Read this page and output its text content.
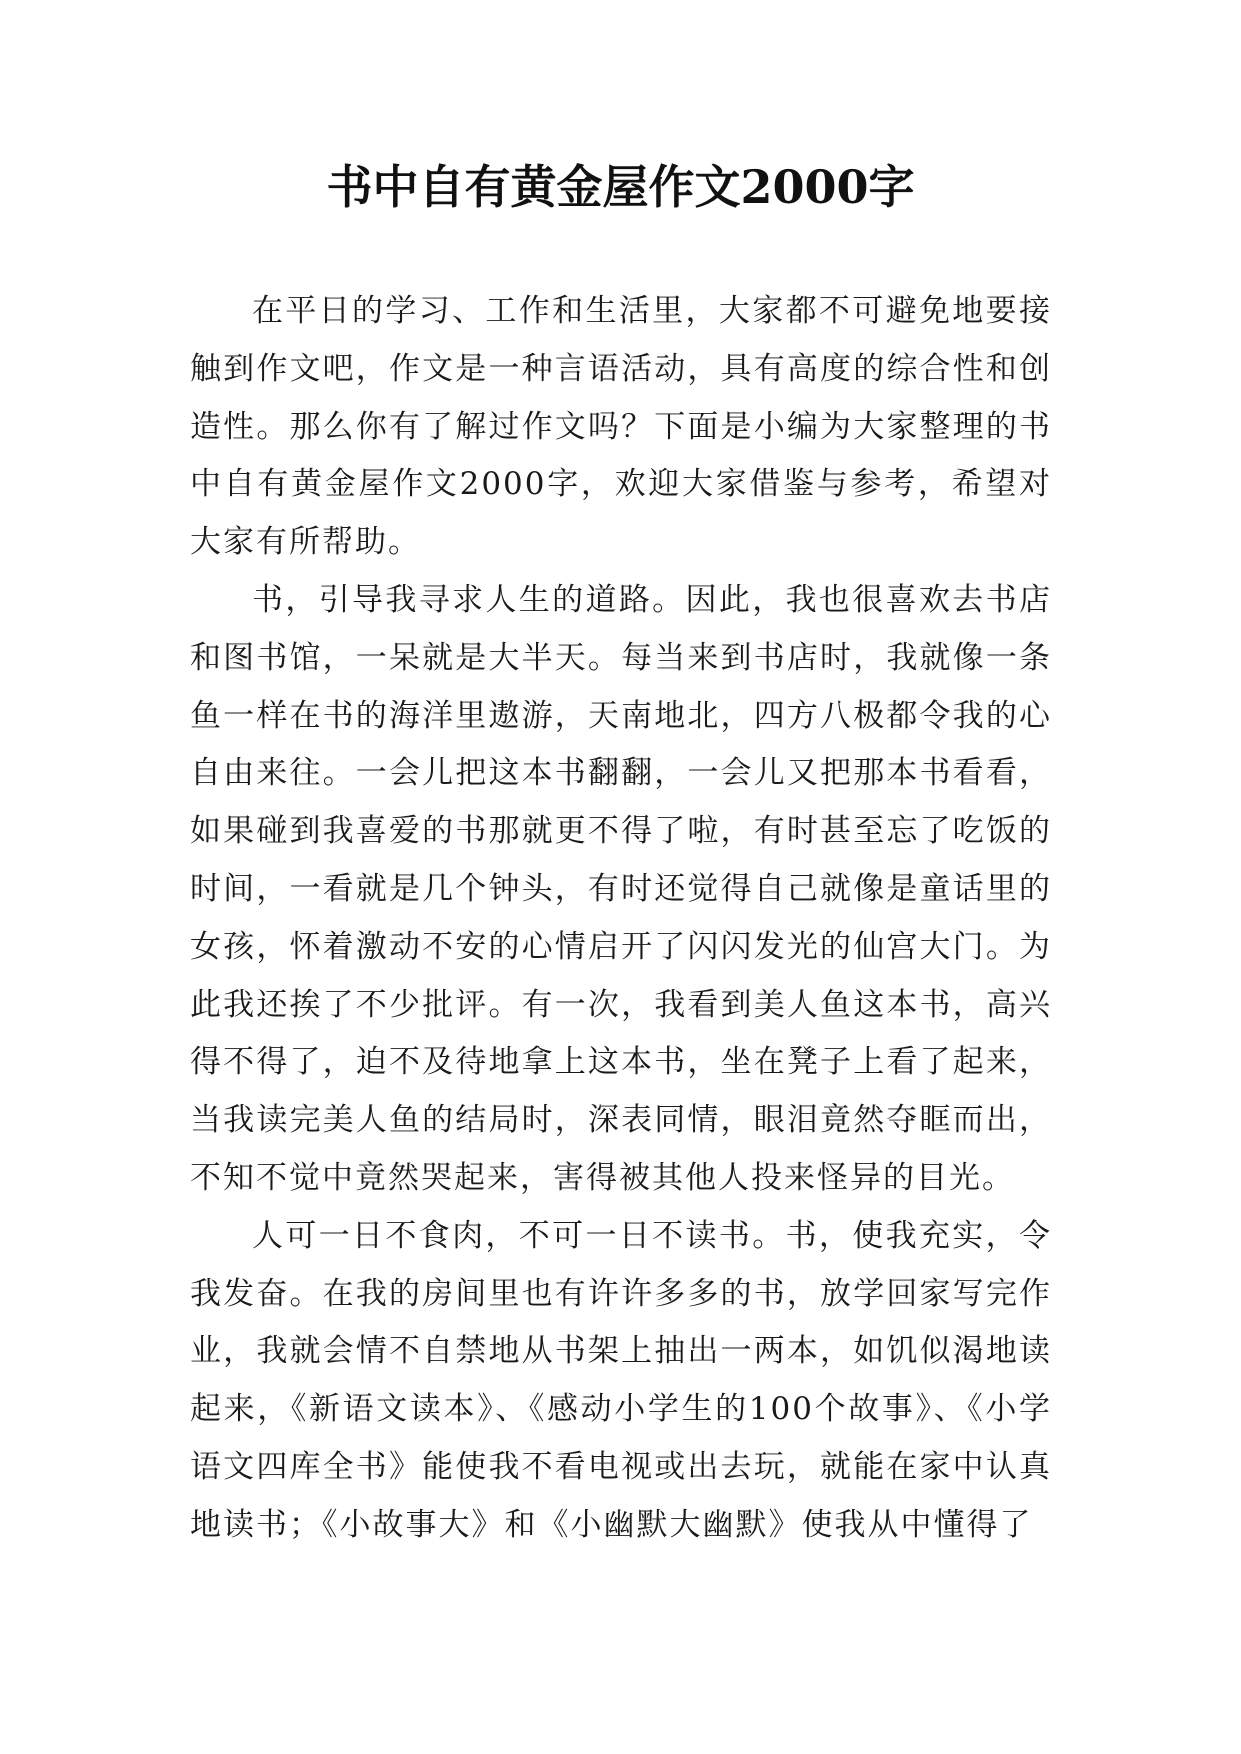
书中自有黄金屋作文2000字

在平日的学习、工作和生活里，大家都不可避免地要接触到作文吧，作文是一种言语活动，具有高度的综合性和创造性。那么你有了解过作文吗？下面是小编为大家整理的书中自有黄金屋作文2000字，欢迎大家借鉴与参考，希望对大家有所帮助。

书，引导我寻求人生的道路。因此，我也很喜欢去书店和图书馆，一呆就是大半天。每当来到书店时，我就像一条鱼一样在书的海洋里遨游，天南地北，四方八极都令我的心自由来往。一会儿把这本书翻翻，一会儿又把那本书看看，如果碰到我喜爱的书那就更不得了啦，有时甚至忘了吃饭的时间，一看就是几个钟头，有时还觉得自己就像是童话里的女孩，怀着激动不安的心情启开了闪闪发光的仙宫大门。为此我还挨了不少批评。有一次，我看到美人鱼这本书，高兴得不得了，迫不及待地拿上这本书，坐在凳子上看了起来，当我读完美人鱼的结局时，深表同情，眼泪竟然夺眶而出，不知不觉中竟然哭起来，害得被其他人投来怪异的目光。

人可一日不食肉，不可一日不读书。书，使我充实，令我发奋。在我的房间里也有许许多多的书，放学回家写完作业，我就会情不自禁地从书架上抽出一两本，如饥似渴地读起来，《新语文读本》、《感动小学生的100个故事》、《小学语文四库全书》能使我不看电视或出去玩，就能在家中认真地读书；《小故事大》和《小幽默大幽默》使我从中懂得了
